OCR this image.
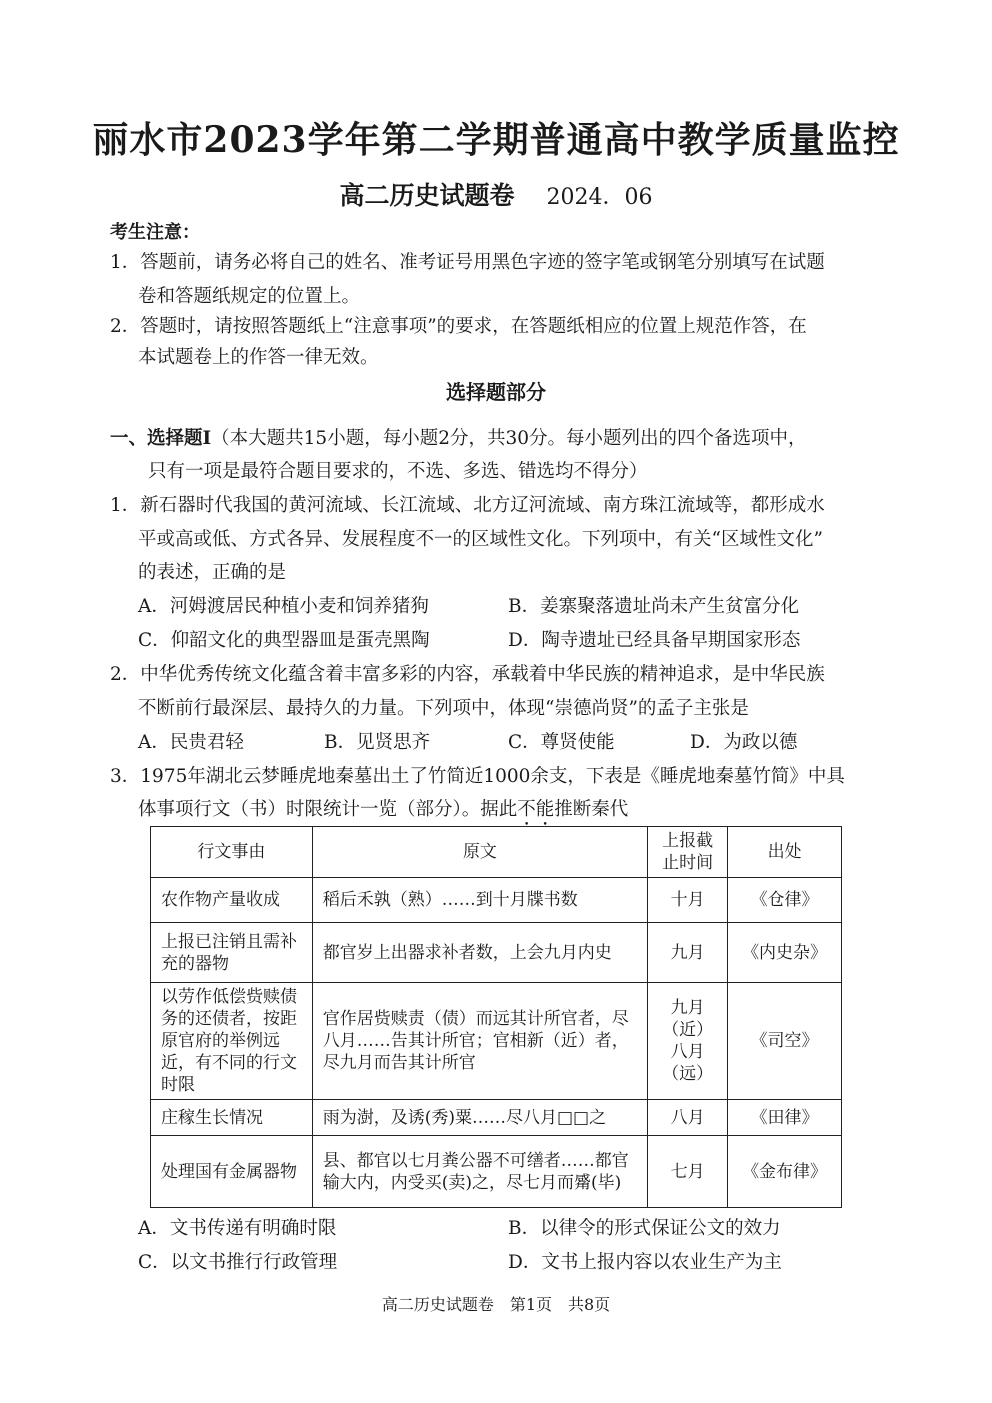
丽水市2023学年第二学期普通高中教学质量监控
高二历史试题卷 2024．06
考生注意：
1．答题前，请务必将自己的姓名、准考证号用黑色字迹的签字笔或钢笔分别填写在试题
卷和答题纸规定的位置上。
2．答题时，请按照答题纸上“注意事项”的要求，在答题纸相应的位置上规范作答，在
本试题卷上的作答一律无效。
选择题部分
一、选择题Ⅰ（本大题共15小题，每小题2分，共30分。每小题列出的四个备选项中，
只有一项是最符合题目要求的，不选、多选、错选均不得分）
1．新石器时代我国的黄河流域、长江流域、北方辽河流域、南方珠江流域等，都形成水
平或高或低、方式各异、发展程度不一的区域性文化。下列项中，有关“区域性文化”
的表述，正确的是
A．河姆渡居民种植小麦和饲养猪狗	B．姜寨聚落遗址尚未产生贫富分化
C．仰韶文化的典型器皿是蛋壳黑陶	D．陶寺遗址已经具备早期国家形态
2．中华优秀传统文化蕴含着丰富多彩的内容，承载着中华民族的精神追求，是中华民族
不断前行最深层、最持久的力量。下列项中，体现“崇德尚贤”的孟子主张是
A．民贵君轻	B．见贤思齐	C．尊贤使能	D．为政以德
3．1975年湖北云梦睡虎地秦墓出土了竹简近1000余支，下表是《睡虎地秦墓竹简》中具
体事项行文（书）时限统计一览（部分）。据此不能推断秦代
行文事由	原文	上报截止时间	出处
农作物产量收成	稻后禾孰（熟）……到十月牒书数	十月	《仓律》
上报已注销且需补充的器物	都官岁上出器求补者数，上会九月内史	九月	《内史杂》
以劳作低偿赀赎债务的还债者，按距原官府的举例远近，有不同的行文时限	官作居赀赎责（债）而远其计所官者，尽八月……告其计所官；官相新（近）者，尽九月而告其计所官	九月（近）八月（远）	《司空》
庄稼生长情况	雨为澍，及诱(秀)粟……尽八月□□之	八月	《田律》
处理国有金属器物	县、都官以七月粪公器不可缮者……都官输大内，内受买(卖)之，尽七月而觱(毕)	七月	《金布律》
A．文书传递有明确时限	B．以律令的形式保证公文的效力
C．以文书推行行政管理	D．文书上报内容以农业生产为主
高二历史试题卷　第1页　共8页
